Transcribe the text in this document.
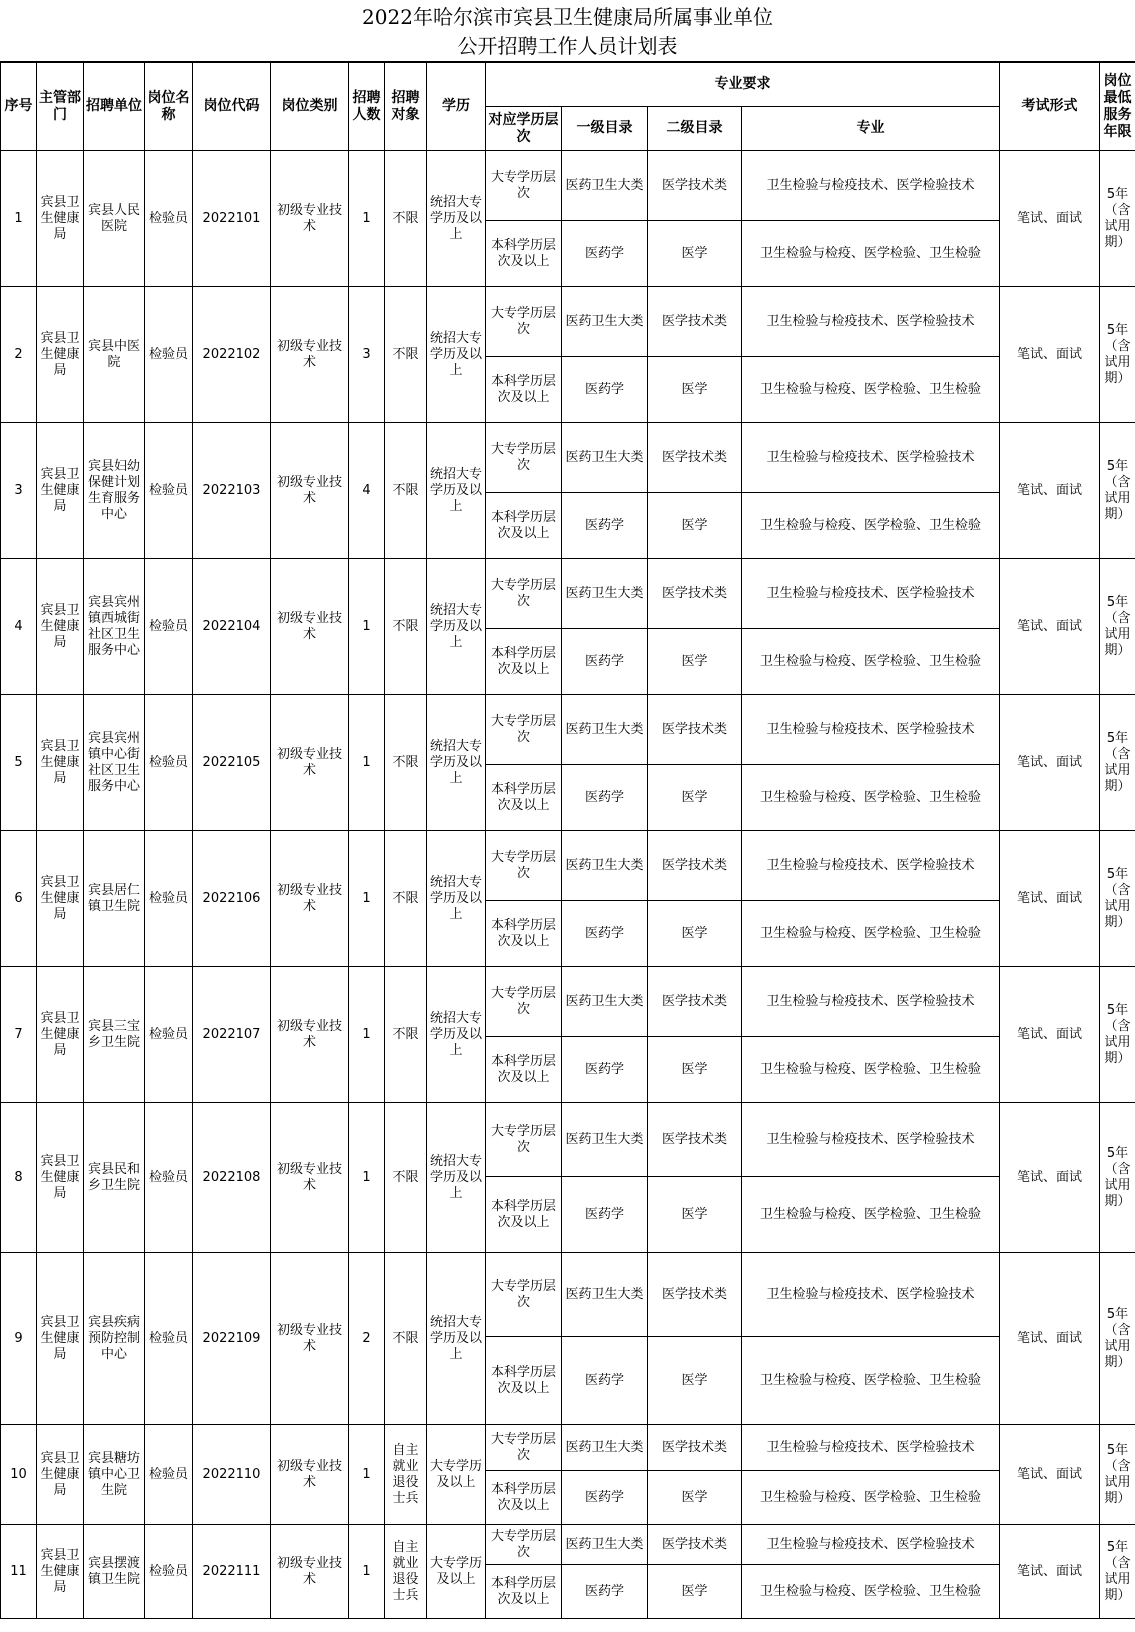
2022年哈尔滨市宾县卫生健康局所属事业单位
公开招聘工作人员计划表
序号	主管部门	招聘单位	岗位名称	岗位代码	岗位类别	招聘人数	招聘对象	学历	专业要求				考试形式	岗位最低服务年限
									对应学历层次	一级目录	二级目录	专业		
1	宾县卫生健康局	宾县人民医院	检验员	2022101	初级专业技术	1	不限	统招大专学历及以上	大专学历层次	医药卫生大类	医学技术类	卫生检验与检疫技术、医学检验技术	笔试、面试	5年（含试用期）
									本科学历层次及以上	医药学	医学	卫生检验与检疫、医学检验、卫生检验		
2	宾县卫生健康局	宾县中医院	检验员	2022102	初级专业技术	3	不限	统招大专学历及以上	大专学历层次	医药卫生大类	医学技术类	卫生检验与检疫技术、医学检验技术	笔试、面试	5年（含试用期）
									本科学历层次及以上	医药学	医学	卫生检验与检疫、医学检验、卫生检验		
3	宾县卫生健康局	宾县妇幼保健计划生育服务中心	检验员	2022103	初级专业技术	4	不限	统招大专学历及以上	大专学历层次	医药卫生大类	医学技术类	卫生检验与检疫技术、医学检验技术	笔试、面试	5年（含试用期）
									本科学历层次及以上	医药学	医学	卫生检验与检疫、医学检验、卫生检验		
4	宾县卫生健康局	宾县宾州镇西城街社区卫生服务中心	检验员	2022104	初级专业技术	1	不限	统招大专学历及以上	大专学历层次	医药卫生大类	医学技术类	卫生检验与检疫技术、医学检验技术	笔试、面试	5年（含试用期）
									本科学历层次及以上	医药学	医学	卫生检验与检疫、医学检验、卫生检验		
5	宾县卫生健康局	宾县宾州镇中心街社区卫生服务中心	检验员	2022105	初级专业技术	1	不限	统招大专学历及以上	大专学历层次	医药卫生大类	医学技术类	卫生检验与检疫技术、医学检验技术	笔试、面试	5年（含试用期）
									本科学历层次及以上	医药学	医学	卫生检验与检疫、医学检验、卫生检验		
6	宾县卫生健康局	宾县居仁镇卫生院	检验员	2022106	初级专业技术	1	不限	统招大专学历及以上	大专学历层次	医药卫生大类	医学技术类	卫生检验与检疫技术、医学检验技术	笔试、面试	5年（含试用期）
									本科学历层次及以上	医药学	医学	卫生检验与检疫、医学检验、卫生检验		
7	宾县卫生健康局	宾县三宝乡卫生院	检验员	2022107	初级专业技术	1	不限	统招大专学历及以上	大专学历层次	医药卫生大类	医学技术类	卫生检验与检疫技术、医学检验技术	笔试、面试	5年（含试用期）
									本科学历层次及以上	医药学	医学	卫生检验与检疫、医学检验、卫生检验		
8	宾县卫生健康局	宾县民和乡卫生院	检验员	2022108	初级专业技术	1	不限	统招大专学历及以上	大专学历层次	医药卫生大类	医学技术类	卫生检验与检疫技术、医学检验技术	笔试、面试	5年（含试用期）
									本科学历层次及以上	医药学	医学	卫生检验与检疫、医学检验、卫生检验		
9	宾县卫生健康局	宾县疾病预防控制中心	检验员	2022109	初级专业技术	2	不限	统招大专学历及以上	大专学历层次	医药卫生大类	医学技术类	卫生检验与检疫技术、医学检验技术	笔试、面试	5年（含试用期）
									本科学历层次及以上	医药学	医学	卫生检验与检疫、医学检验、卫生检验		
10	宾县卫生健康局	宾县糖坊镇中心卫生院	检验员	2022110	初级专业技术	1	自主就业退役士兵	大专学历及以上	大专学历层次	医药卫生大类	医学技术类	卫生检验与检疫技术、医学检验技术	笔试、面试	5年（含试用期）
									本科学历层次及以上	医药学	医学	卫生检验与检疫、医学检验、卫生检验		
11	宾县卫生健康局	宾县摆渡镇卫生院	检验员	2022111	初级专业技术	1	自主就业退役士兵	大专学历及以上	大专学历层次	医药卫生大类	医学技术类	卫生检验与检疫技术、医学检验技术	笔试、面试	5年（含试用期）
									本科学历层次及以上	医药学	医学	卫生检验与检疫、医学检验、卫生检验		
